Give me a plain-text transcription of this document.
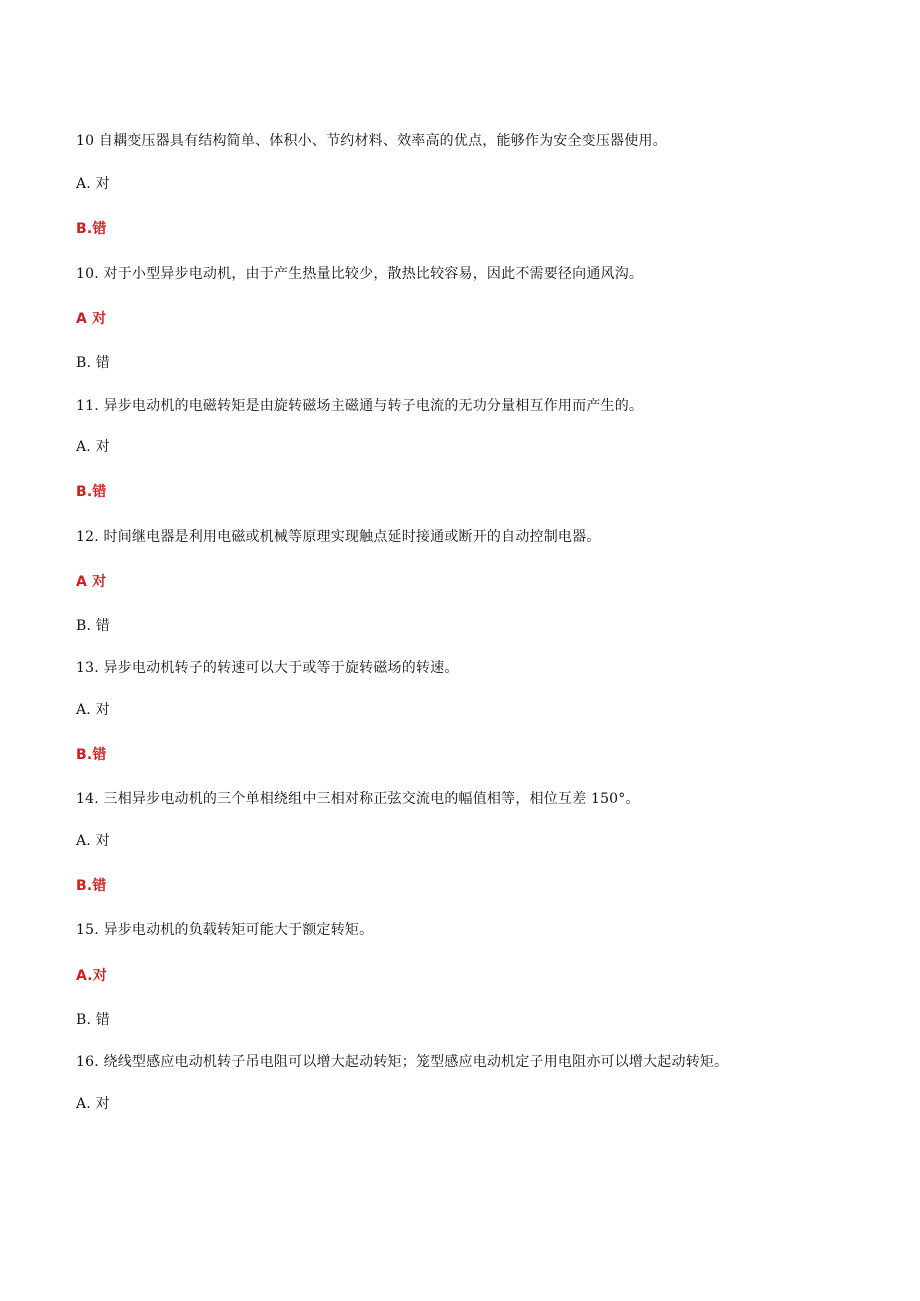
10 自耦变压器具有结构简单、体积小、节约材料、效率高的优点，能够作为安全变压器使用。
A. 对
B.错
10. 对于小型异步电动机，由于产生热量比较少，散热比较容易，因此不需要径向通风沟。
A 对
B. 错
11. 异步电动机的电磁转矩是由旋转磁场主磁通与转子电流的无功分量相互作用而产生的。
A. 对
B.错
12. 时间继电器是利用电磁或机械等原理实现触点延时接通或断开的自动控制电器。
A 对
B. 错
13. 异步电动机转子的转速可以大于或等于旋转磁场的转速。
A. 对
B.错
14. 三相异步电动机的三个单相绕组中三相对称正弦交流电的幅值相等，相位互差 150°。
A. 对
B.错
15. 异步电动机的负载转矩可能大于额定转矩。
A.对
B. 错
16. 绕线型感应电动机转子吊电阻可以增大起动转矩；笼型感应电动机定子用电阻亦可以增大起动转矩。
A. 对
